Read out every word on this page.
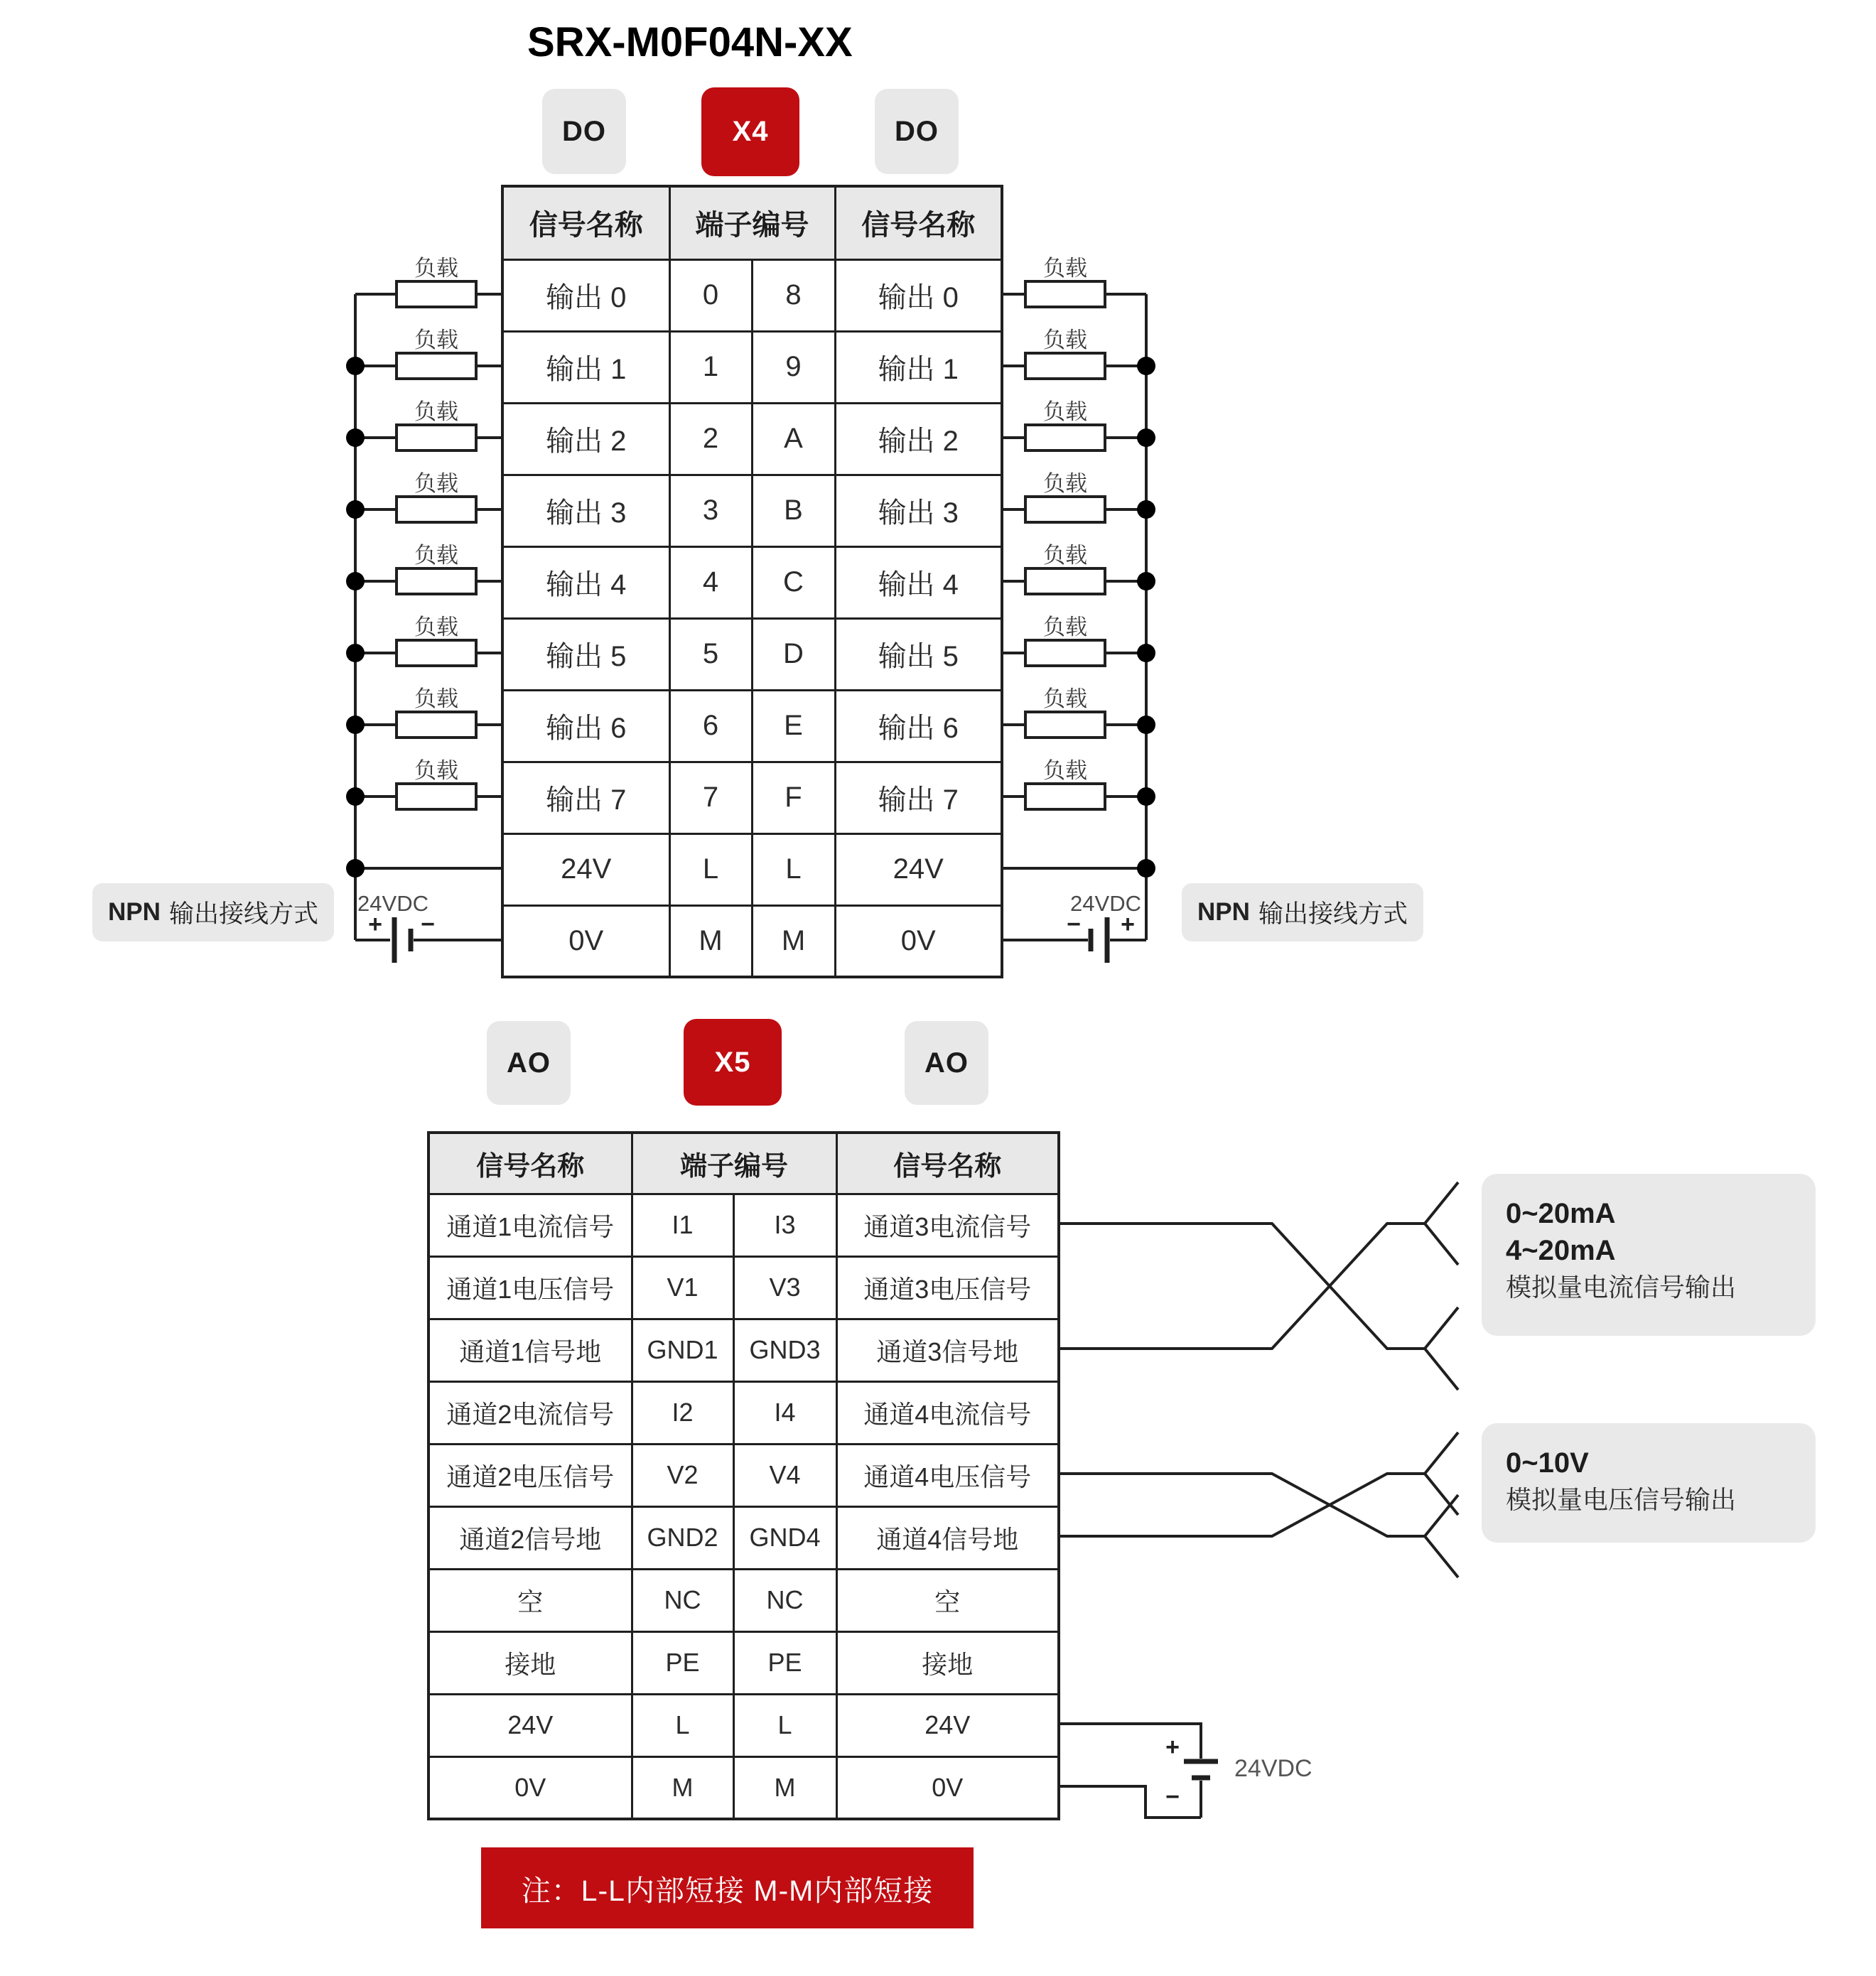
负载
负载
负载
负载
负载
负载
负载
负载
负载
负载
负载
负载
负载
负载
负载
负载
+ −
24VDC
− +
24VDC
+
−
24VDC
SRX-M0F04N-XX
DO	X4	DO
信号名称	端子编号		信号名称
输出 0	0	8	输出 0
输出 1	1	9	输出 1
输出 2	2	A	输出 2
输出 3	3	B	输出 3
输出 4	4	C	输出 4
输出 5	5	D	输出 5
输出 6	6	E	输出 6
输出 7	7	F	输出 7
24V	L	L	24V
0V	M	M	0V
NPN 输出接线方式	NPN 输出接线方式
AO	X5	AO
信号名称	端子编号		信号名称
通道1电流信号	I1	I3	通道3电流信号
通道1电压信号	V1	V3	通道3电压信号
通道1信号地	GND1	GND3	通道3信号地
通道2电流信号	I2	I4	通道4电流信号
通道2电压信号	V2	V4	通道4电压信号
通道2信号地	GND2	GND4	通道4信号地
空	NC	NC	空
接地	PE	PE	接地
24V	L	L	24V
0V	M	M	0V
0~20mA
4~20mA
模拟量电流信号输出
0~10V
模拟量电压信号输出
注：L-L内部短接 M-M内部短接
